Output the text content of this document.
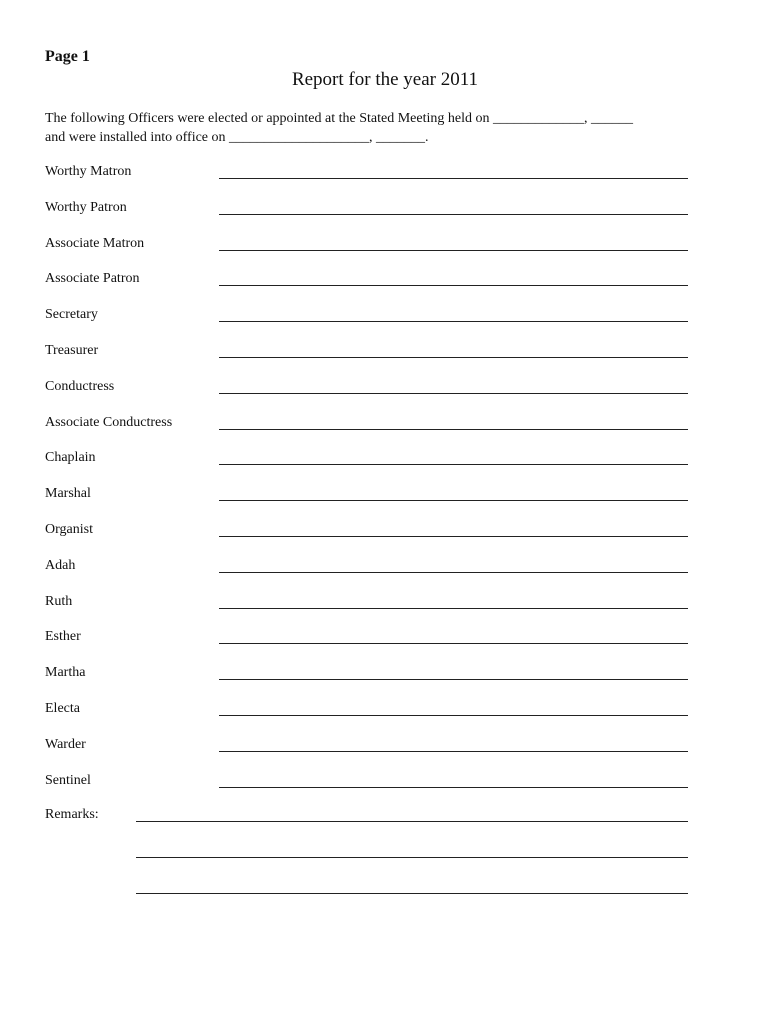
Page 1
Report for the year 2011
The following Officers were elected or appointed at the Stated Meeting held on _____________, ______
and were installed into office on ____________________, _______.
Worthy Matron
Worthy Patron
Associate Matron
Associate Patron
Secretary
Treasurer
Conductress
Associate Conductress
Chaplain
Marshal
Organist
Adah
Ruth
Esther
Martha
Electa
Warder
Sentinel
Remarks:
